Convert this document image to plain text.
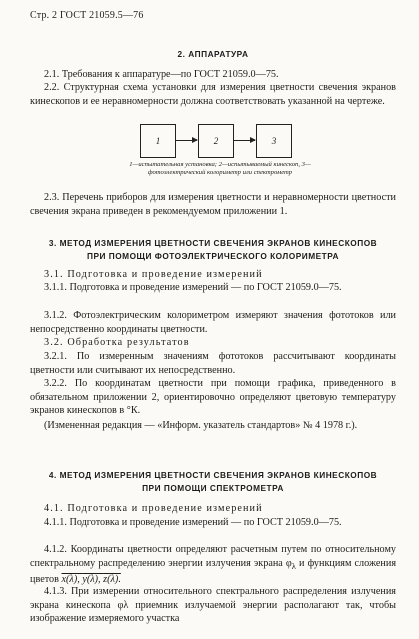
Стр. 2 ГОСТ 21059.5—76
2. АППАРАТУРА

2.1. Требования к аппаратуре—по ГОСТ 21059.0—75.

2.2. Структурная схема установки для измерения цветности свечения экранов кинескопов и ее неравномерности должна соответствовать указанной на чертеже.

1	2	3
1—испытательная установка; 2—испытываемый кинескоп, 3—фотоэлектрический колориметр или спектрометр

2.3. Перечень приборов для измерения цветности и неравномерности цветности свечения экрана приведен в рекомендуемом приложении 1.

3. МЕТОД ИЗМЕРЕНИЯ ЦВЕТНОСТИ СВЕЧЕНИЯ ЭКРАНОВ КИНЕСКОПОВ
ПРИ ПОМОЩИ ФОТОЭЛЕКТРИЧЕСКОГО КОЛОРИМЕТРА

3.1. Подготовка и проведение измерений

3.1.1. Подготовка и проведение измерений — по ГОСТ 21059.0—75.

3.1.2. Фотоэлектрическим колориметром измеряют значения фототоков или непосредственно координаты цветности.

3.2. Обработка результатов

3.2.1. По измеренным значениям фототоков рассчитывают координаты цветности или считывают их непосредственно.

3.2.2. По координатам цветности при помощи графика, приведенного в обязательном приложении 2, ориентировочно определяют цветовую температуру экранов кинескопов в °К.

(Измененная редакция — «Информ. указатель стандартов» № 4 1978 г.).

4. МЕТОД ИЗМЕРЕНИЯ ЦВЕТНОСТИ СВЕЧЕНИЯ ЭКРАНОВ КИНЕСКОПОВ
ПРИ ПОМОЩИ СПЕКТРОМЕТРА

4.1. Подготовка и проведение измерений

4.1.1. Подготовка и проведение измерений — по ГОСТ 21059.0—75.

4.1.2. Координаты цветности определяют расчетным путем по относительному спектральному распределению энергии излучения экрана $\varphi_\lambda$ и функциям сложения цветов x(λ), y(λ), z(λ).

4.1.3. При измерении относительного спектрального распределения излучения экрана кинескопа φλ приемник излучаемой энергии располагают так, чтобы изображение измеряемого участка
